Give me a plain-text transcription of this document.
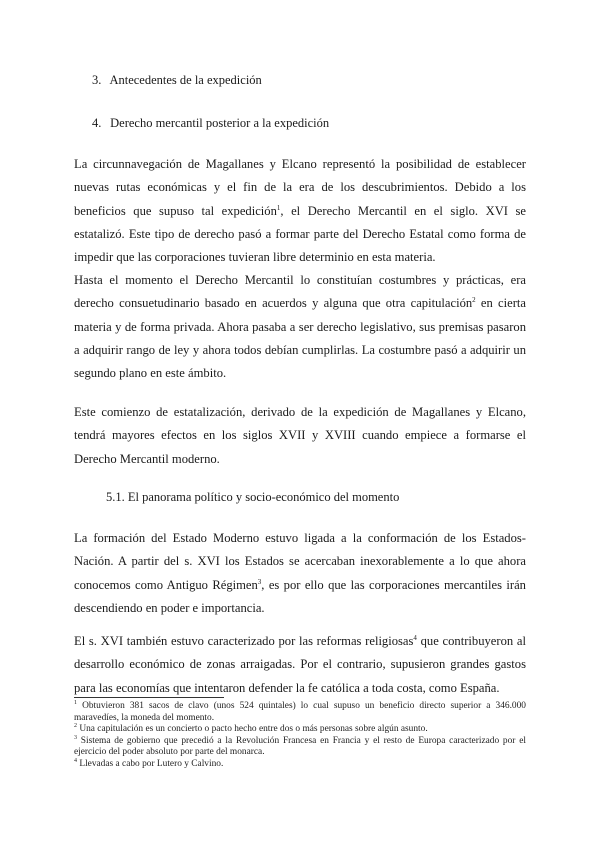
3. Antecedentes de la expedición
4. Derecho mercantil posterior a la expedición

La circunnavegación de Magallanes y Elcano representó la posibilidad de establecer nuevas rutas económicas y el fin de la era de los descubrimientos. Debido a los beneficios que supuso tal expedición$^1$, el Derecho Mercantil en el siglo. XVI se estatalizó. Este tipo de derecho pasó a formar parte del Derecho Estatal como forma de impedir que las corporaciones tuvieran libre determinio en esta materia.

Hasta el momento el Derecho Mercantil lo constituían costumbres y prácticas, era derecho consuetudinario basado en acuerdos y alguna que otra capitulación$^2$ en cierta materia y de forma privada. Ahora pasaba a ser derecho legislativo, sus premisas pasaron a adquirir rango de ley y ahora todos debían cumplirlas. La costumbre pasó a adquirir un segundo plano en este ámbito.

Este comienzo de estatalización, derivado de la expedición de Magallanes y Elcano, tendrá mayores efectos en los siglos XVII y XVIII cuando empiece a formarse el Derecho Mercantil moderno.

5.1. El panorama político y socio-económico del momento

La formación del Estado Moderno estuvo ligada a la conformación de los Estados-Nación. A partir del s. XVI los Estados se acercaban inexorablemente a lo que ahora conocemos como Antiguo Régimen$^3$, es por ello que las corporaciones mercantiles irán descendiendo en poder e importancia.

El s. XVI también estuvo caracterizado por las reformas religiosas$^4$ que contribuyeron al desarrollo económico de zonas arraigadas. Por el contrario, supusieron grandes gastos para las economías que intentaron defender la fe católica a toda costa, como España.

$^1$ Obtuvieron 381 sacos de clavo (unos 524 quintales) lo cual supuso un beneficio directo superior a 346.000 maravedíes, la moneda del momento.

$^2$ Una capitulación es un concierto o pacto hecho entre dos o más personas sobre algún asunto.

$^3$ Sistema de gobierno que precedió a la Revolución Francesa en Francia y el resto de Europa caracterizado por el ejercicio del poder absoluto por parte del monarca.

$^4$ Llevadas a cabo por Lutero y Calvino.
